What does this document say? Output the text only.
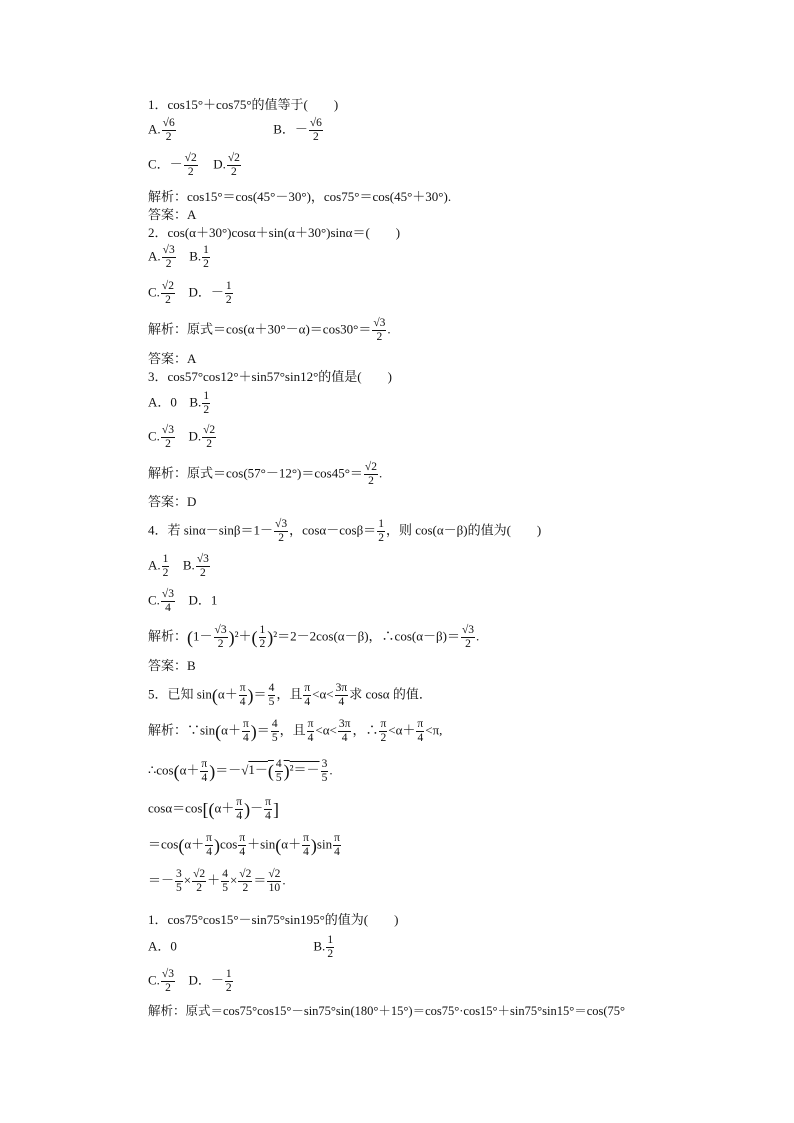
1．cos15°＋cos75°的值等于(　　)
A. $\frac{√6}{2}$	B．－ $\frac{√6}{2}$
C．－ $\frac{√2}{2} D$. $\frac{√2}{2}$
解析：cos15°＝cos(45°－30°)，cos75°＝cos(45°＋30°).
答案：A
2．cos(α＋30°)cosα＋sin(α＋30°)sinα＝(　　)
A. $\frac{√3}{2} B$. $\frac{1}{2}$
C. $\frac{√2}{2}$ D．－ $\frac{1}{2}$
解析：原式$=\cos(\alpha+30^\circ-\alpha)=\cos 30^\circ= \frac{√3}{2}$ .
答案：A
3．cos57°cos12°＋sin57°sin12°的值是(　　)
A．0 B. $\frac{1}{2}$
C. $\frac{√3}{2} D$. $\frac{√2}{2}$
解析：原式$=\cos(57^\circ-12^\circ)=\cos 45^\circ= \frac{√2}{2}$ .
答案：D
4．若 $\sin\alpha-\sin\beta=1- \frac{√3}{2}$ ，$\cos\alpha-\cos\beta= \frac{1}{2}$ ，则 cos(α－β)的值为(　　)
A. $\frac{1}{2} B$. $\frac{√3}{2}$
C. $\frac{√3}{4}$ D．1
解析：$(1- \frac{√3}{2} )^2+( \frac{1}{2} )^2=2-2\cos(\alpha-\beta)$，∴cos(α－β)＝ $\frac{√3}{2}$ .
答案：B
5．已知 $\sin(\alpha+ \frac{\pi}{4}$ )＝ $\frac{4}{5}$ ，且 $\frac{\pi}{4} <\alpha< \frac{3\pi}{4}$ 求 cosα 的值．
解析：∵sin(α＋ $\frac{\pi}{4}$ )＝ $\frac{4}{5}$ ，且 $\frac{\pi}{4} <\alpha< \frac{3\pi}{4}$ ，∴ $\frac{\pi}{2} <\alpha+ \frac{\pi}{4} <\pi$,
∴cos(α＋ $\frac{\pi}{4} )=-√1-( \frac{4}{5} )^2=- \frac{3}{5}$ .
$\cos\alpha=\cos[(\alpha+ \frac{\pi}{4}$ )－ $\frac{\pi}{4}$ ]
$=\cos(\alpha+ \frac{\pi}{4} )\cos \frac{\pi}{4} +\sin(\alpha+ \frac{\pi}{4} )\sin \frac{\pi}{4}$
＝－ $\frac{3}{5} \times \frac{√2}{2} + \frac{4}{5} \times \frac{√2}{2} = \frac{√2}{10}$ .
1．cos75°cos15°－sin75°sin195°的值为(　　)
A．0	B. $\frac{1}{2}$
C. $\frac{√3}{2}$ D．－ $\frac{1}{2}$
解析：原式＝cos75°cos15°－sin75°sin(180°＋15°)＝cos75°·cos15°＋sin75°sin15°＝cos(75°
